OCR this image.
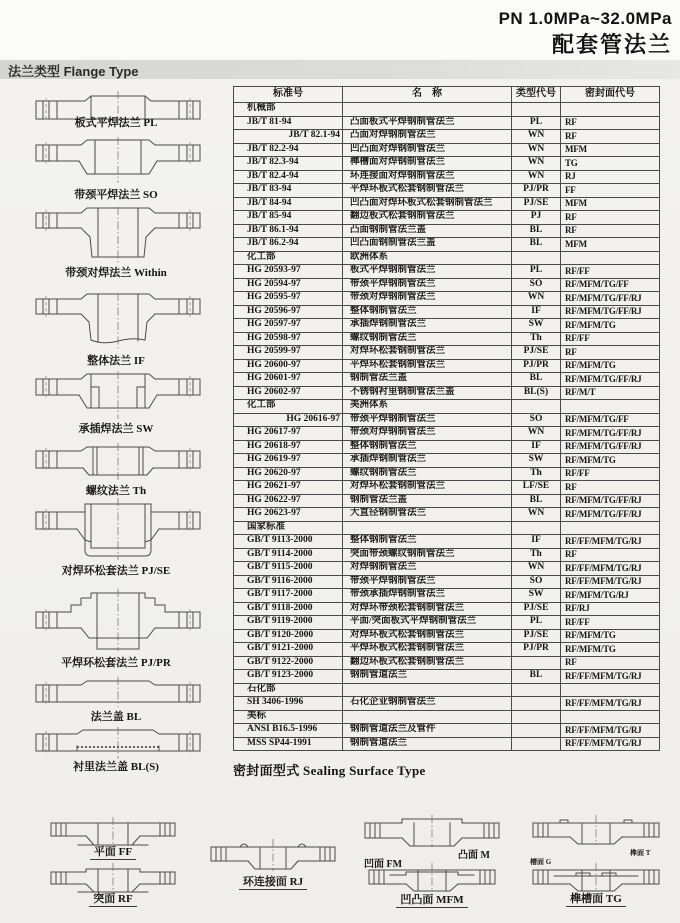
PN 1.0MPa~32.0MPa
配套管法兰
法兰类型 Flange Type
板式平焊法兰 PL
带颈平焊法兰 SO
带颈对焊法兰 Within
整体法兰 IF
承插焊法兰 SW
螺纹法兰 Th
对焊环松套法兰 PJ/SE
平焊环松套法兰 PJ/PR
法兰盖 BL
衬里法兰盖 BL(S)
标准号	名　称	类型代号	密封面代号
机械部			
JB/T 81-94	凸面板式平焊钢制管法兰	PL	RF
JB/T 82.1-94	凸面对焊钢制管法兰	WN	RF
JB/T 82.2-94	凹凸面对焊钢制管法兰	WN	MFM
JB/T 82.3-94	榫槽面对焊钢制管法兰	WN	TG
JB/T 82.4-94	环连接面对焊钢制管法兰	WN	RJ
JB/T 83-94	平焊环板式松套钢制管法兰	PJ/PR	FF
JB/T 84-94	凹凸面对焊环板式松套钢制管法兰	PJ/SE	MFM
JB/T 85-94	翻边板式松套钢制管法兰	PJ	RF
JB/T 86.1-94	凸面钢制管法兰盖	BL	RF
JB/T 86.2-94	凹凸面钢制管法兰盖	BL	MFM
化工部	欧洲体系		
HG 20593-97	板式平焊钢制管法兰	PL	RF/FF
HG 20594-97	带颈平焊钢制管法兰	SO	RF/MFM/TG/FF
HG 20595-97	带颈对焊钢制管法兰	WN	RF/MFM/TG/FF/RJ
HG 20596-97	整体钢制管法兰	IF	RF/MFM/TG/FF/RJ
HG 20597-97	承插焊钢制管法兰	SW	RF/MFM/TG
HG 20598-97	螺纹钢制管法兰	Th	RF/FF
HG 20599-97	对焊环松套钢制管法兰	PJ/SE	RF
HG 20600-97	平焊环松套钢制管法兰	PJ/PR	RF/MFM/TG
HG 20601-97	钢制管法兰盖	BL	RF/MFM/TG/FF/RJ
HG 20602-97	不锈钢衬里钢制管法兰盖	BL(S)	RF/M/T
化工部	美洲体系		
HG 20616-97	带颈平焊钢制管法兰	SO	RF/MFM/TG/FF
HG 20617-97	带颈对焊钢制管法兰	WN	RF/MFM/TG/FF/RJ
HG 20618-97	整体钢制管法兰	IF	RF/MFM/TG/FF/RJ
HG 20619-97	承插焊钢制管法兰	SW	RF/MFM/TG
HG 20620-97	螺纹钢制管法兰	Th	RF/FF
HG 20621-97	对焊环松套钢制管法兰	LF/SE	RF
HG 20622-97	钢制管法兰盖	BL	RF/MFM/TG/FF/RJ
HG 20623-97	大直径钢制管法兰	WN	RF/MFM/TG/FF/RJ
国家标准			
GB/T 9113-2000	整体钢制管法兰	IF	RF/FF/MFM/TG/RJ
GB/T 9114-2000	突面带颈螺纹钢制管法兰	Th	RF
GB/T 9115-2000	对焊钢制管法兰	WN	RF/FF/MFM/TG/RJ
GB/T 9116-2000	带颈平焊钢制管法兰	SO	RF/FF/MFM/TG/RJ
GB/T 9117-2000	带颈承插焊钢制管法兰	SW	RF/MFM/TG/RJ
GB/T 9118-2000	对焊环带颈松套钢制管法兰	PJ/SE	RF/RJ
GB/T 9119-2000	平面/突面板式平焊钢制管法兰	PL	RF/FF
GB/T 9120-2000	对焊环板式松套钢制管法兰	PJ/SE	RF/MFM/TG
GB/T 9121-2000	平焊环板式松套钢制管法兰	PJ/PR	RF/MFM/TG
GB/T 9122-2000	翻边环板式松套钢制管法兰		RF
GB/T 9123-2000	钢制管道法兰	BL	RF/FF/MFM/TG/RJ
石化部			
SH 3406-1996	石化企业钢制管法兰		RF/FF/MFM/TG/RJ
美标			
ANSI B16.5-1996	钢制管道法兰及管件		RF/FF/MFM/TG/RJ
MSS SP44-1991	钢制管道法兰		RF/FF/MFM/TG/RJ
密封面型式 Sealing Surface Type
平面 FF
突面 RF
环连接面 RJ
凸面 M
凹面 FM
凹凸面 MFM
榫面 T
槽面 G
榫槽面 TG
